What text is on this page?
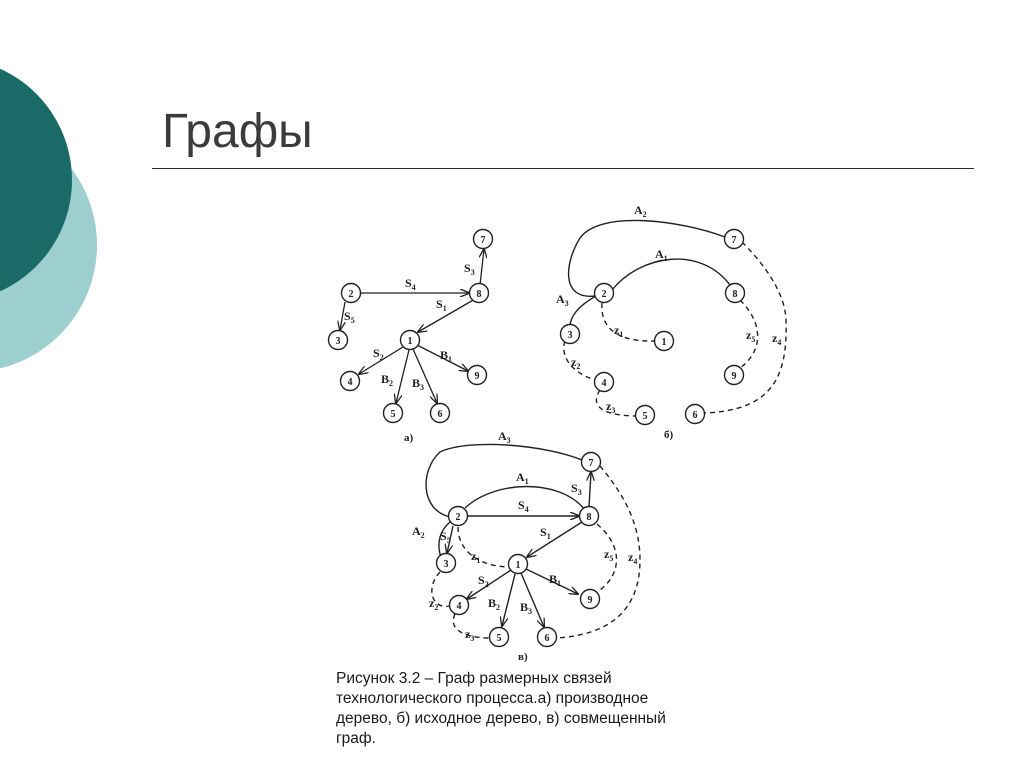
Графы
7
2	8
3	1
4
9
5	6
$S_4$
$S_5$
$S_3$
$S_1$
$S_2$	$B_1$
$B_2$ $B_3$
а)
7
2	8
3
1
4
9
5	6
$A_2$
$A_1$
$A_3$
$z_1$
$z_2$
$z_3$
$z_5$ $z_4$
б)
7
2	8
3	1
4
9
5	6
$A_3$
$A_1$
$A_2$
$S_4$
$S_3$
$S_1$
$S_5$
$z_1$
$S_2$	$B_1$
$B_2$ $B_3$
$z_2$
$z_3$
$z_5$ $z_4$
в)
Рисунок 3.2 – Граф размерных связей
технологического процесса.а) производное
дерево, б) исходное дерево, в) совмещенный
граф.
